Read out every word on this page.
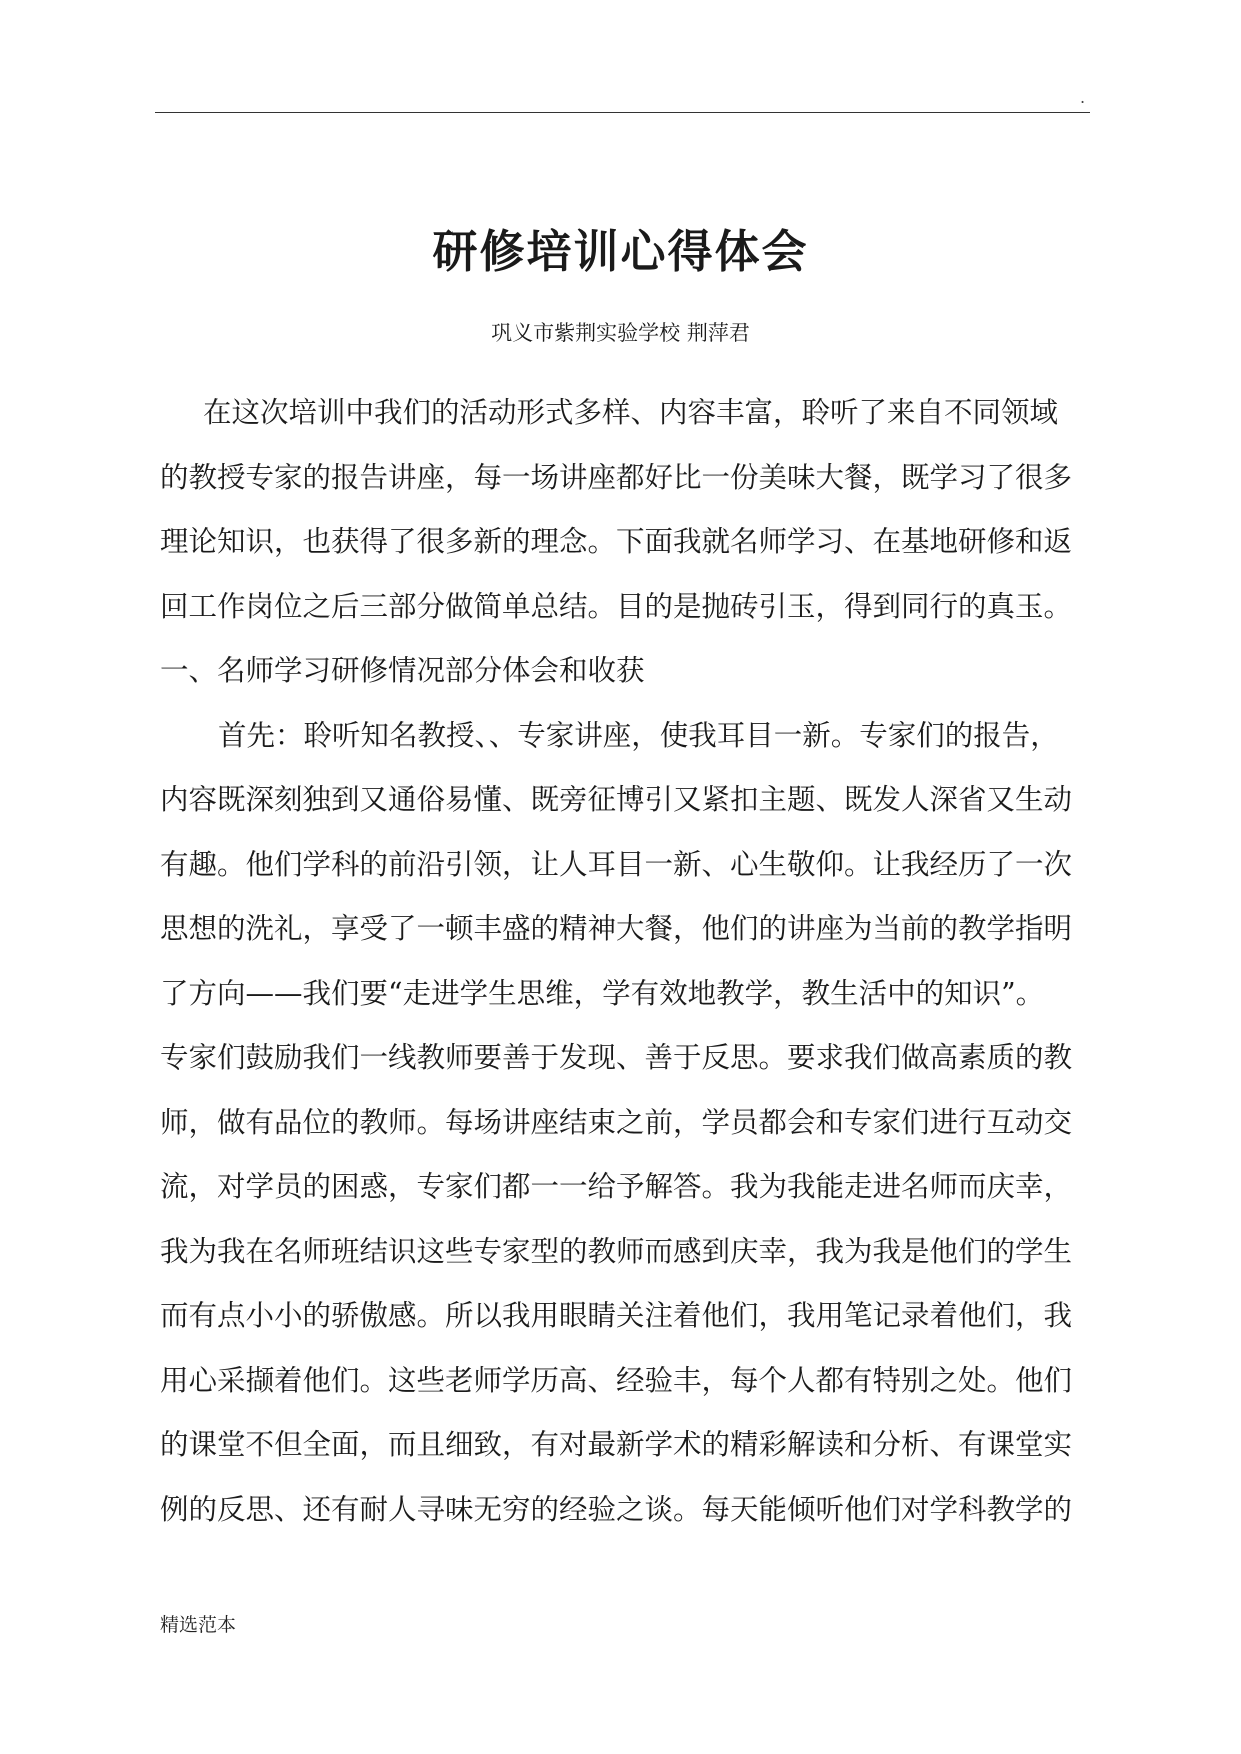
.
研修培训心得体会
巩义市紫荆实验学校 荆萍君
在这次培训中我们的活动形式多样、内容丰富，聆听了来自不同领域
的教授专家的报告讲座，每一场讲座都好比一份美味大餐，既学习了很多
理论知识，也获得了很多新的理念。下面我就名师学习、在基地研修和返
回工作岗位之后三部分做简单总结。目的是抛砖引玉，得到同行的真玉。
一、名师学习研修情况部分体会和收获
首先：聆听知名教授、、专家讲座，使我耳目一新。专家们的报告，
内容既深刻独到又通俗易懂、既旁征博引又紧扣主题、既发人深省又生动
有趣。他们学科的前沿引领，让人耳目一新、心生敬仰。让我经历了一次
思想的洗礼，享受了一顿丰盛的精神大餐，他们的讲座为当前的教学指明
了方向——我们要“走进学生思维，学有效地教学，教生活中的知识”。
专家们鼓励我们一线教师要善于发现、善于反思。要求我们做高素质的教
师，做有品位的教师。每场讲座结束之前，学员都会和专家们进行互动交
流，对学员的困惑，专家们都一一给予解答。我为我能走进名师而庆幸，
我为我在名师班结识这些专家型的教师而感到庆幸，我为我是他们的学生
而有点小小的骄傲感。所以我用眼睛关注着他们，我用笔记录着他们，我
用心采撷着他们。这些老师学历高、经验丰，每个人都有特别之处。他们
的课堂不但全面，而且细致，有对最新学术的精彩解读和分析、有课堂实
例的反思、还有耐人寻味无穷的经验之谈。每天能倾听他们对学科教学的
精选范本
